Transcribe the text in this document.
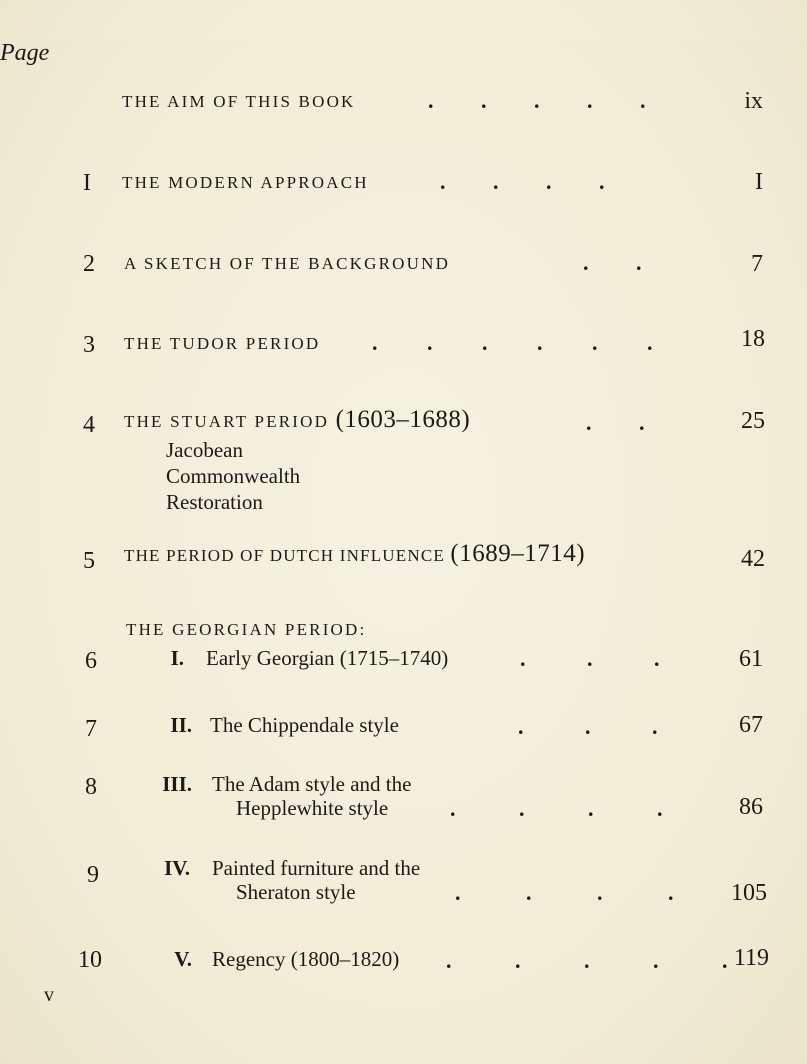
Page
THE AIM OF THIS BOOK	. . . . .	ix
I	THE MODERN APPROACH	. . . .	I
2	A SKETCH OF THE BACKGROUND	. .	7
3	THE TUDOR PERIOD . . . . . .	18
4	THE STUART PERIOD (1603–1688)	. .	25
Jacobean
Commonwealth
Restoration
5	THE PERIOD OF DUTCH INFLUENCE (1689–1714)	42
THE GEORGIAN PERIOD:
6	I. Early Georgian (1715–1740)	. . .	61
7	II. The Chippendale style	. . .	67
8	III. The Adam style and the
Hepplewhite style	. . . .	86
9	IV. Painted furniture and the
Sheraton style	. . . . 105
10	V. Regency (1800–1820) . . . . . 119
v
